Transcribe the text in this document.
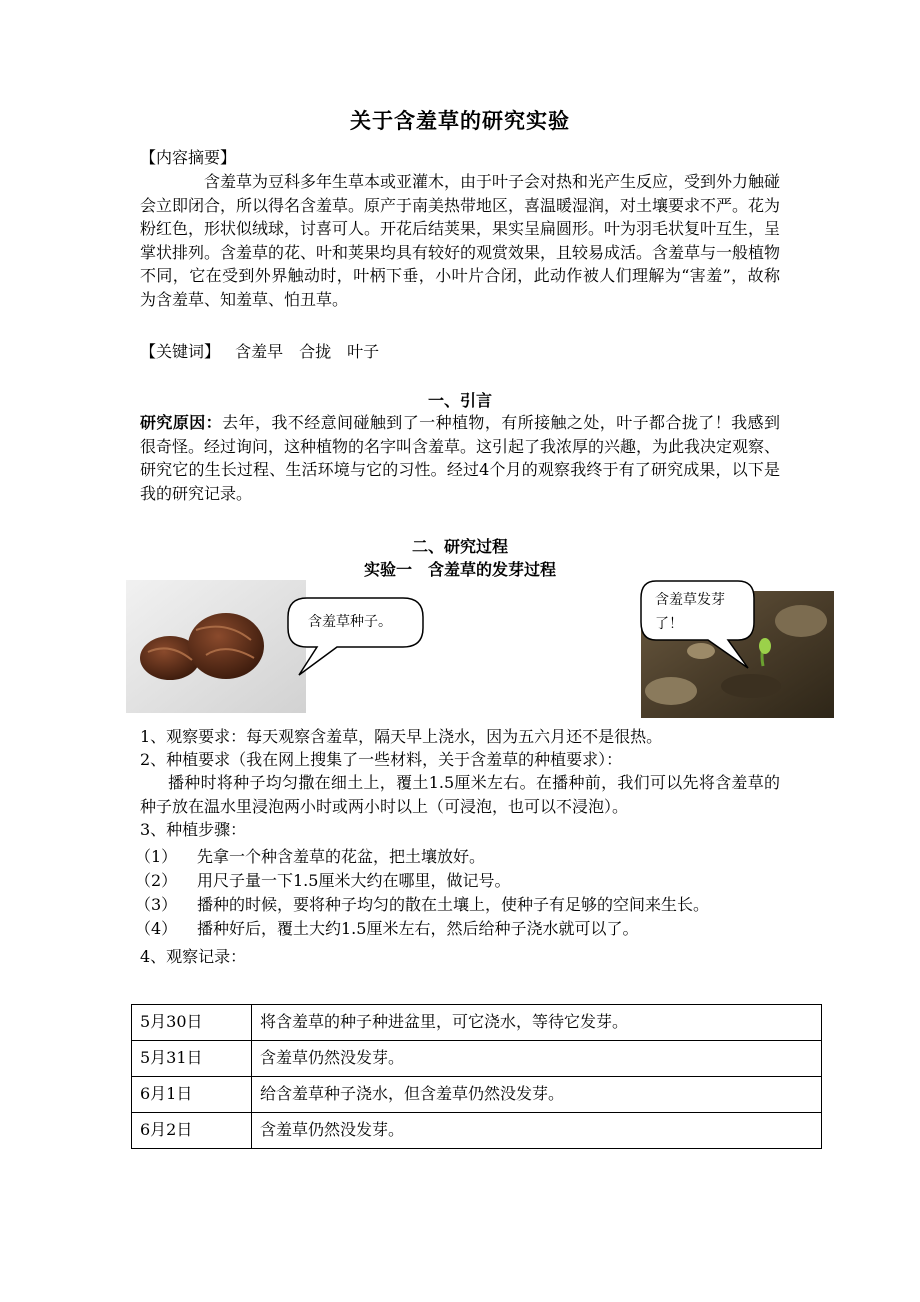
关于含羞草的研究实验
【内容摘要】
含羞草为豆科多年生草本或亚灌木，由于叶子会对热和光产生反应，受到外力触碰会立即闭合，所以得名含羞草。原产于南美热带地区，喜温暖湿润，对土壤要求不严。花为粉红色，形状似绒球，讨喜可人。开花后结荚果，果实呈扁圆形。叶为羽毛状复叶互生，呈掌状排列。含羞草的花、叶和荚果均具有较好的观赏效果，且较易成活。含羞草与一般植物不同，它在受到外界触动时，叶柄下垂，小叶片合闭，此动作被人们理解为“害羞”，故称为含羞草、知羞草、怕丑草。
【关键词】 含羞早　合拢　叶子
一、引言
研究原因：去年，我不经意间碰触到了一种植物，有所接触之处，叶子都合拢了！我感到很奇怪。经过询问，这种植物的名字叫含羞草。这引起了我浓厚的兴趣，为此我决定观察、研究它的生长过程、生活环境与它的习性。经过4个月的观察我终于有了研究成果，以下是我的研究记录。
二、研究过程
实验一　含羞草的发芽过程
含羞草种子。
含羞草发芽了！
1、观察要求：每天观察含羞草，隔天早上浇水，因为五六月还不是很热。
2、种植要求（我在网上搜集了一些材料，关于含羞草的种植要求）：
播种时将种子均匀撒在细土上，覆土1.5厘米左右。在播种前，我们可以先将含羞草的种子放在温水里浸泡两小时或两小时以上（可浸泡，也可以不浸泡）。
3、种植步骤：
（1） 先拿一个种含羞草的花盆，把土壤放好。
（2） 用尺子量一下1.5厘米大约在哪里，做记号。
（3） 播种的时候，要将种子均匀的散在土壤上，使种子有足够的空间来生长。
（4） 播种好后，覆土大约1.5厘米左右，然后给种子浇水就可以了。
4、观察记录：
5月30日	将含羞草的种子种进盆里，可它浇水，等待它发芽。
5月31日	含羞草仍然没发芽。
6月1日	给含羞草种子浇水，但含羞草仍然没发芽。
6月2日	含羞草仍然没发芽。
